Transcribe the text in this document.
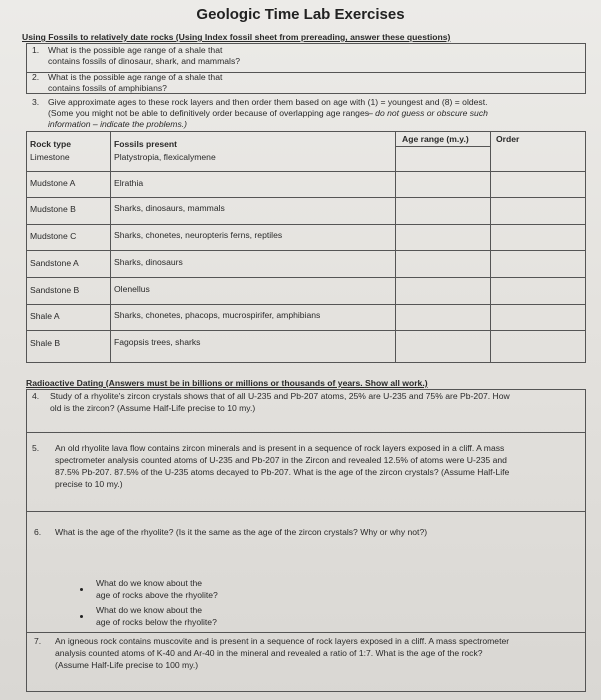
Geologic Time Lab Exercises
Using Fossils to relatively date rocks (Using Index fossil sheet from prereading, answer these questions)
1. What is the possible age range of a shale that
contains fossils of dinosaur, shark, and mammals?
2. What is the possible age range of a shale that
contains fossils of amphibians?
3. Give approximate ages to these rock layers and then order them based on age with (1) = youngest and (8) = oldest.
(Some you might not be able to definitively order because of overlapping age ranges
– do not guess or obscure such
information – indicate the problems.)
Rock type	Fossils present	Age range (m.y.)	Order
Limestone	Platystropia, flexicalymene
Mudstone A	Elrathia
Mudstone B	Sharks, dinosaurs, mammals
Mudstone C	Sharks, chonetes, neuropteris ferns, reptiles
Sandstone A	Sharks, dinosaurs
Sandstone B	Olenellus
Shale A	Sharks, chonetes, phacops, mucrospirifer, amphibians
Shale B	Fagopsis trees, sharks
Radioactive Dating (Answers must be in billions or millions or thousands of years. Show all work.)
4. Study of a rhyolite's zircon crystals shows that of all U-235 and Pb-207 atoms, 25% are U-235 and 75% are Pb-207. How
old is the zircon? (Assume Half-Life precise to 10 my.)
5. An old rhyolite lava flow contains zircon minerals and is present in a sequence of rock layers exposed in a cliff. A mass
spectrometer analysis counted atoms of U-235 and Pb-207 in the Zircon and revealed 12.5% of atoms were U-235 and
87.5% Pb-207. 87.5% of the U-235 atoms decayed to Pb-207. What is the age of the zircon crystals? (Assume Half-Life
precise to 10 my.)
6. What is the age of the rhyolite? (Is it the same as the age of the zircon crystals? Why or why not?)
What do we know about the
age of rocks above the rhyolite?
What do we know about the
age of rocks below the rhyolite?
7. An igneous rock contains muscovite and is present in a sequence of rock layers exposed in a cliff. A mass spectrometer
analysis counted atoms of K-40 and Ar-40 in the mineral and revealed a ratio of 1:7. What is the age of the rock?
(Assume Half-Life precise to 100 my.)
